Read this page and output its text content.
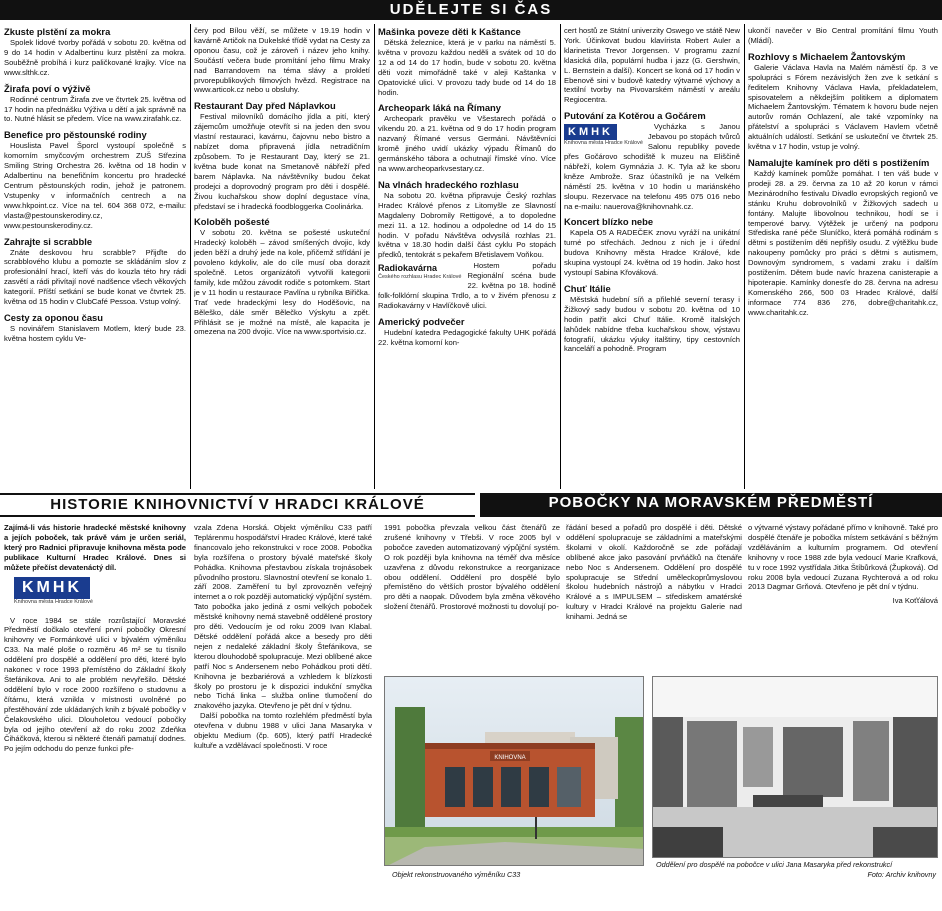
UDĚLEJTE SI ČAS
Zkuste plstění za mokra

Spolek lidové tvorby pořádá v sobotu 20. května od 9 do 14 hodin v Adalbertinu kurz plstění za mokra. Souběžně probíhá i kurz paličkované krajky. Více na www.slthk.cz.

Žirafa poví o výživě

Rodinné centrum Žirafa zve ve čtvrtek 25. května od 17 hodin na přednášku Výživa u dětí a jak správně na to. Nutné hlásit se předem. Více na www.zirafahk.cz.

Benefice pro pěstounské rodiny

Houslista Pavel Šporcl vystoupí společně s komorním smyčcovým orchestrem ZUŠ Střezina Smiling String Orchestra 26. května od 18 hodin v Adalbertinu na benefičním koncertu pro hradecké Centrum pěstounských rodin, jehož je patronem. Vstupenky v informačních centrech a na www.hkpoint.cz. Více na tel. 604 368 072, e-mailu: vlasta@pestounskerodiny.cz, www.pestounskerodiny.cz.

Zahrajte si scrabble

Znáte deskovou hru scrabble? Přijďte do scrabblového klubu a pomozte se skládáním slov z profesionální hrací, kteří vás do kouzla této hry rádi zasvětí a rádi přivítají nové nadšence všech věkových kategorií. Příští setkání se bude konat ve čtvrtek 25. května od 15 hodin v ClubCafé Pessoa. Vstup volný.

Cesty za oponou času

S novinářem Stanislavem Motlem, který bude 23. května hostem cyklu Ve-

čery pod Bílou věží, se můžete v 19.19 hodin v kavárně Artičok na Dukelské třídě vydat na Cesty za oponou času, což je zároveň i název jeho knihy. Součástí večera bude promítání jeho filmu Mraky nad Barrandovem na téma slávy a prokletí prvorepublikových filmových hvězd. Registrace na www.articok.cz nebo u obsluhy.

Restaurant Day před Náplavkou

Festival milovníků domácího jídla a pití, který zájemcům umožňuje otevřít si na jeden den svou vlastní restauraci, kavárnu, čajovnu nebo bistro a nabízet doma připravená jídla netradičním způsobem. To je Restaurant Day, který se 21. května bude konat na Smetanově nábřeží před barem Náplavka. Na návštěvníky budou čekat prodejci a doprovodný program pro děti i dospělé. Živou kuchařskou show doplní degustace vína, představí se i hradecká foodbloggerka Coolinárka.

Koloběh pošesté

V sobotu 20. května se pošesté uskuteční Hradecký koloběh – závod smíšených dvojic, kdy jeden běží a druhý jede na kole, přičemž střídání je povoleno kdykoliv, ale do cíle musí oba dorazit společně. Letos organizátoři vytvořili kategorii family, kde můžou závodit rodiče s potomkem. Start je v 11 hodin u restaurace Pavlína u rybníka Biřička. Trať vede hradeckými lesy do Hoděšovic, na Běleško, dále směr Bělečko Výskytu a zpět. Přihlásit se je možné na místě, ale kapacita je omezena na 200 dvojic. Více na www.sportvisio.cz.

Mašinka poveze děti k Kaštance

Dětská železnice, která je v parku na náměstí 5. května v provozu každou neděli a svátek od 10 do 12 a od 14 do 17 hodin, bude v sobotu 20. května děti vozit mimořádně také v aleji Kaštanka v Opatovické ulici. V provozu tady bude od 14 do 18 hodin.

Archeopark láká na Římany

Archeopark pravěku ve Všestarech pořádá o víkendu 20. a 21. května od 9 do 17 hodin program nazvaný Římané versus Germáni. Návštěvníci kromě jiného uvidí ukázky výpadu Římanů do germánského tábora a ochutnají římské víno. Více na www.archeoparkvsestary.cz.

Na vlnách hradeckého rozhlasu

Na sobotu 20. května připravuje Český rozhlas Hradec Králové přenos z Litomyšle ze Slavností Magdaleny Dobromily Rettigové, a to dopoledne mezi 11. a 12. hodinou a odpoledne od 14 do 15 hodin. V pořadu Návštěva odvysílá rozhlas 21. května v 18.30 hodin další část cyklu Po stopách předků, tentokrát s pekařem Břetislavem Voňkou.

Radiokavárna
Českého rozhlasu Hradec Králové

Hostem pořadu Regionální scéna bude 22. května po 18. hodině folk-folklórní skupina Trdlo, a to v živém přenosu z Radiokavárny v Havlíčkově ulici.

Americký podvečer

Hudební katedra Pedagogické fakulty UHK pořádá 22. května komorní kon-

cert hostů ze Státní univerzity Oswego ve státě New York. Účinkovat budou klavírista Robert Auler a klarinetista Trevor Jorgensen. V programu zazní klasická díla, populární hudba i jazz (G. Gershwin, L. Bernstein a další). Koncert se koná od 17 hodin v Ebenově sini v budově katedry výtvarné výchovy a textilní tvorby na Pivovarském náměstí v areálu Regiocentra.

Putování za Kotěrou a Gočárem
KMHK
Knihovna města Hradce Králové

Vycházka s Janou Jebavou po stopách tvůrců Salonu republiky povede přes Gočárovo schodiště k muzeu na Eliščině nábřeží, kolem Gymnázia J. K. Tyla až ke sboru kněze Ambrože. Sraz účastníků je na Velkém náměstí 25. května v 10 hodin u mariánského sloupu. Rezervace na telefonu 495 075 016 nebo na e-mailu: nauerova@knihovnahk.cz.

Koncert blízko nebe

Kapela O5 A RADEČEK znovu vyráží na unikátní turné po střechách. Jednou z nich je i úřední budova Knihovny města Hradce Králové, kde skupina vystoupí 24. května od 19 hodin. Jako host vystoupí Sabina Křováková.

Chuť Itálie

Městská hudební síň a přilehlé severní terasy i Žižkový sady budou v sobotu 20. května od 10 hodin patřit akci Chuť Itálie. Kromě italských lahůdek nabídne třeba kuchařskou show, výstavu fotografií, ukázku výuky italštiny, tipy cestovních kanceláří a pohodně. Program

ukončí navečer v Bio Central promítání filmu Youth (Mládí).

Rozhlovy s Michaelem Žantovským

Galerie Václava Havla na Malém náměstí čp. 3 ve spolupráci s Fórem nezávislých žen zve k setkání s ředitelem Knihovny Václava Havla, překladatelem, spisovatelem a někdejším politikem a diplomatem Michaelem Žantovským. Tématem k hovoru bude nejen autorův román Ochlazení, ale také vzpomínky na přátelství a spolupráci s Václavem Havlem včetně aktuálních událostí. Setkání se uskuteční ve čtvrtek 25. května v 17 hodin, vstup je volný.

Namalujte kamínek pro děti s postižením

Každý kamínek pomůže pomáhat. I ten váš bude v prodeji 28. a 29. června za 10 až 20 korun v rámci Mezinárodního festivalu Divadlo evropských regionů ve stánku Kruhu dobrovolníků v Žižkových sadech u fontány. Malujte libovolnou technikou, hodí se i temperové barvy. Výtěžek je určený na podporu Střediska rané péče Sluníčko, která pomáhá rodinám s dětmi s postižením děti nepřišly osudu. Z výtěžku bude nakoupeny pomůcky pro práci s dětmi s autismem, Downovým syndromem, s vadami zraku i dalším postižením. Dětem bude navíc hrazena canisterapie a hipoterapie. Kamínky donesťe do 28. června na adresu Komenského 266, 500 03 Hradec Králové, další informace 774 836 276, dobre@charitahk.cz, www.charitahk.cz.

HISTORIE KNIHOVNICTVÍ V HRADCI KRÁLOVÉ	POBOČKY NA MORAVSKÉM PŘEDMĚSTÍ

Zajímá-li vás historie hradecké městské knihovny a jejích poboček, tak právě vám je určen seriál, který pro Radnici připravuje knihovna města pode publikace Kulturní Hradec Králové. Dnes si můžete přečíst devatenáctý díl.

KMHK
Knihovna města Hradce Králové

V roce 1984 se stále rozrůstající Moravské Předměstí dočkalo otevření první pobočky Okresní knihovny ve Formánkové ulici v bývalém výměníku C33. Na malé ploše o rozměru 46 m² se tu tísnilo oddělení pro dospělé a oddělení pro děti, které bylo nakonec v roce 1993 přemístěno do Základní školy Štefánikova. Ani to ale problém nevyřešilo. Dětské oddělení bylo v roce 2000 rozšířeno o studovnu a čítárnu, která vznikla v místnosti uvolněné po přestěhování zde ukládaných knih z bývalé pobočky v Čelakovského ulici. Dlouholetou vedoucí pobočky byla od jejího otevření až do roku 2002 Zdeňka Čiháčková, kterou si některé čtenáři pamatují dodnes. Po jejím odchodu do penze funkci pře-

vzala Zdena Horská. Objekt výměníku C33 patří Teplárenmu hospodářství Hradec Králové, které také financovalo jeho rekonstrukci v roce 2008. Pobočka byla rozšířena o prostory bývalé mateřské školy Pohádka. Knihovna přestavbou získala trojnásobek původního prostoru. Slavnostní otevření se konalo 1. září 2008. Zaměření tu byl zprovozněn veřejný internet a o rok později automatický výpůjční systém. Tato pobočka jako jediná z osmi velkých poboček městské knihovny nemá stavebně oddělené prostory pro děti. Vedoucím je od roku 2009 Ivan Klabal. Dětské oddělení pořádá akce a besedy pro děti nejen z nedaleké základní školy Štefánikova, se kterou dlouhodobě spolupracuje. Mezi oblíbené akce patří Noc s Andersenem nebo Pohádkou proti dětí. Knihovna je bezbariérová a vzhledem k blízkosti školy po prostoru je k dispozici indukční smyčka nebo Tichá linka – služba online tlumočení do znakového jazyka. Otevřeno je pět dní v týdnu.

Další pobočka na tomto rozlehlém předměstí byla otevřena v dubnu 1988 v ulici Jana Masaryka v objektu Medium (čp. 605), který patří Hradecké kultuře a vzdělávací společnosti. V roce

1991 pobočka převzala velkou část čtenářů ze zrušené knihovny v Třebši. V roce 2005 byl v pobočce zaveden automatizovaný výpůjční systém. O rok později byla knihovna na téměř dva měsíce uzavřena z důvodu rekonstrukce a reorganizace obou oddělení. Oddělení pro dospělé bylo přemístěno do větších prostor bývalého oddělení pro děti a naopak. Důvodem byla změna věkového složení čtenářů. Prostorové možnosti tu dovolují po-

řádání besed a pořadů pro dospělé i děti. Dětské oddělení spolupracuje se základními a mateřskými školami v okolí. Každoročně se zde pořádají oblíbené akce jako pasování prvňáčků na čtenáře nebo Noc s Andersenem. Oddělení pro dospělé spolupracuje se Střední uměleckoprůmyslovou školou hudebních nástrojů a nábytku v Hradci Králové a s IMPULSEM – střediskem amatérské kultury v Hradci Králové na projektu Galerie nad knihami. Jedná se

o výtvarné výstavy pořádané přímo v knihovně. Také pro dospělé čtenáře je pobočka místem setkávání s běžným vzděláváním a kulturním programem. Od otevření knihovny v roce 1988 zde byla vedoucí Marie Krafková, tu v roce 1992 vystřídala Jitka Štíbůrková (Župková). Od roku 2008 byla vedoucí Zuzana Rychterová a od roku 2013 Dagmar Grňová. Otevřeno je pět dní v týdnu.

Iva Koťťálová
KNIHOVNA
Objekt rekonstruovaného výměníku C33
Oddělení pro dospělé na pobočce v ulici Jana Masaryka před rekonstrukcí
Foto: Archiv knihovny
